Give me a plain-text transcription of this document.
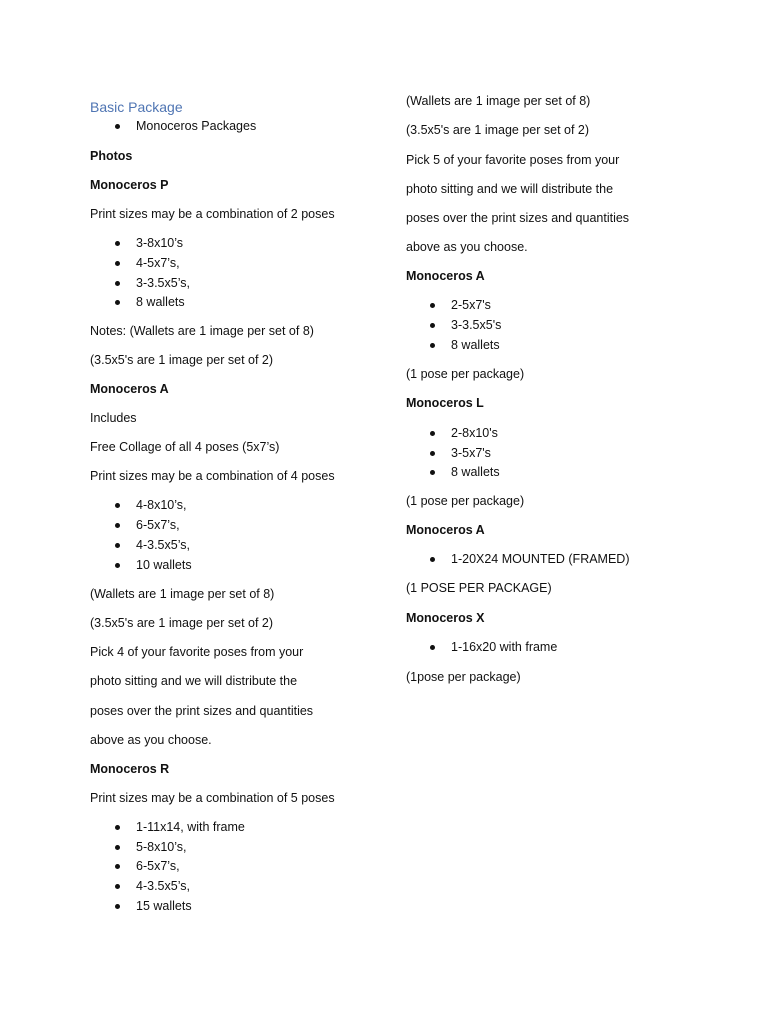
Basic Package
Monoceros Packages
Photos
Monoceros P
Print sizes may be a combination of 2 poses
3-8x10’s
4-5x7’s,
3-3.5x5’s,
8 wallets
Notes: (Wallets are 1 image per set of 8)
(3.5x5's are 1 image per set of 2)
Monoceros A
Includes
Free Collage of all 4 poses (5x7’s)
Print sizes may be a combination of 4 poses
4-8x10’s,
6-5x7’s,
4-3.5x5’s,
10 wallets
(Wallets are 1 image per set of 8)
(3.5x5's are 1 image per set of 2)
Pick 4 of your favorite poses from your
photo sitting and we will distribute the
poses over the print sizes and quantities
above as you choose.
Monoceros R
Print sizes may be a combination of 5 poses
1-11x14, with frame
5-8x10’s,
6-5x7’s,
4-3.5x5’s,
15 wallets
(Wallets are 1 image per set of 8)
(3.5x5's are 1 image per set of 2)
Pick 5 of your favorite poses from your
photo sitting and we will distribute the
poses over the print sizes and quantities
above as you choose.
Monoceros A
2-5x7's
3-3.5x5's
8 wallets
(1 pose per package)
Monoceros L
2-8x10's
3-5x7's
8 wallets
(1 pose per package)
Monoceros A
1-20X24 MOUNTED (FRAMED)
(1 POSE PER PACKAGE)
Monoceros X
1-16x20 with frame
(1pose per package)
